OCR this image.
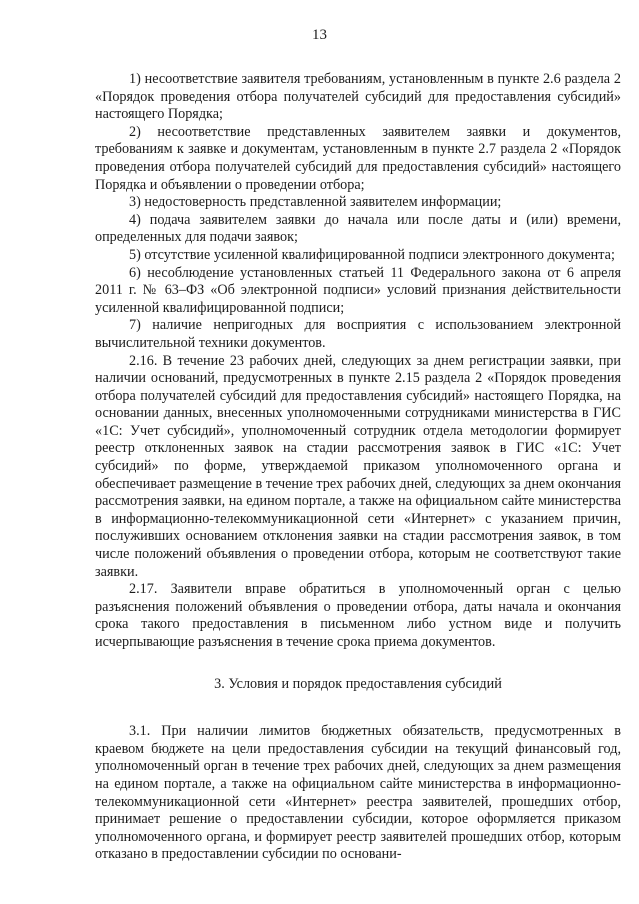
13

1) несоответствие заявителя требованиям, установленным в пункте 2.6 раздела 2 «Порядок проведения отбора получателей субсидий для предоставления субсидий» настоящего Порядка;

2) несоответствие представленных заявителем заявки и документов, требованиям к заявке и документам, установленным в пункте 2.7 раздела 2 «Порядок проведения отбора получателей субсидий для предоставления субсидий» настоящего Порядка и объявлении о проведении отбора;

3) недостоверность представленной заявителем информации;

4) подача заявителем заявки до начала или после даты и (или) времени, определенных для подачи заявок;

5) отсутствие усиленной квалифицированной подписи электронного документа;

6) несоблюдение установленных статьей 11 Федерального закона от 6 апреля 2011 г. № 63–ФЗ «Об электронной подписи» условий признания действительности усиленной квалифицированной подписи;

7) наличие непригодных для восприятия с использованием электронной вычислительной техники документов.

2.16. В течение 23 рабочих дней, следующих за днем регистрации заявки, при наличии оснований, предусмотренных в пункте 2.15 раздела 2 «Порядок проведения отбора получателей субсидий для предоставления субсидий» настоящего Порядка, на основании данных, внесенных уполномоченными сотрудниками министерства в ГИС «1С: Учет субсидий», уполномоченный сотрудник отдела методологии формирует реестр отклоненных заявок на стадии рассмотрения заявок в ГИС «1С: Учет субсидий» по форме, утверждаемой приказом уполномоченного органа и обеспечивает размещение в течение трех рабочих дней, следующих за днем окончания рассмотрения заявки, на едином портале, а также на официальном сайте министерства в информационно-телекоммуникационной сети «Интернет» с указанием причин, послуживших основанием отклонения заявки на стадии рассмотрения заявок, в том числе положений объявления о проведении отбора, которым не соответствуют такие заявки.

2.17. Заявители вправе обратиться в уполномоченный орган с целью разъяснения положений объявления о проведении отбора, даты начала и окончания срока такого предоставления в письменном либо устном виде и получить исчерпывающие разъяснения в течение срока приема документов.

3. Условия и порядок предоставления субсидий

3.1. При наличии лимитов бюджетных обязательств, предусмотренных в краевом бюджете на цели предоставления субсидии на текущий финансовый год, уполномоченный орган в течение трех рабочих дней, следующих за днем размещения на едином портале, а также на официальном сайте министерства в информационно-телекоммуникационной сети «Интернет» реестра заявителей, прошедших отбор, принимает решение о предоставлении субсидии, которое оформляется приказом уполномоченного органа, и формирует реестр заявителей прошедших отбор, которым отказано в предоставлении субсидии по основани-
